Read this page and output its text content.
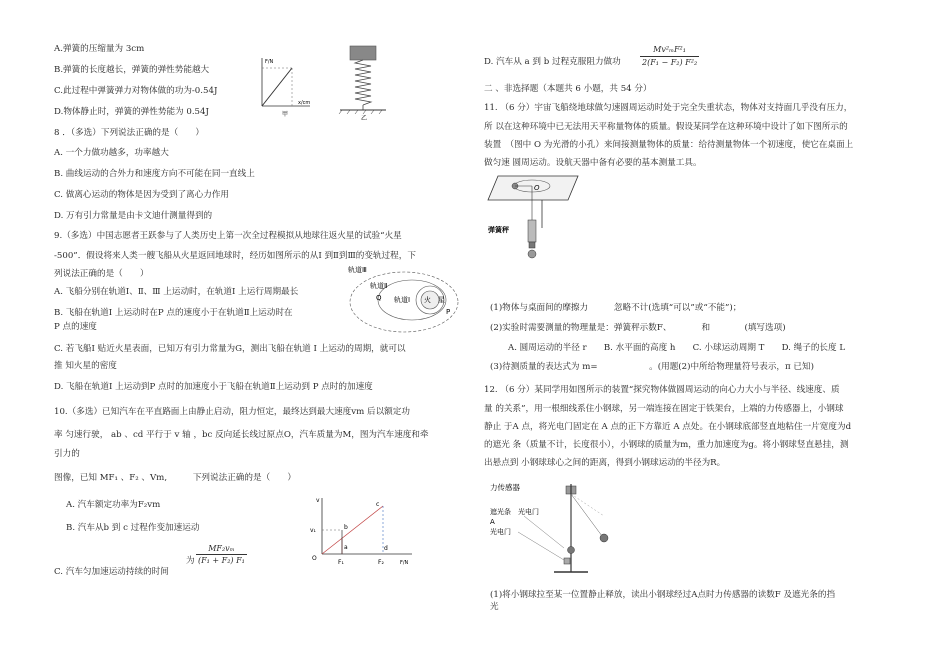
A.弹簧的压缩量为 3cm
B.弹簧的长度越长，弹簧的弹性势能越大
C.此过程中弹簧弹力对物体做的功为-0.54J
D.物体静止时，弹簧的弹性势能为 0.54J
F/N
x/cm
甲
乙
8 ．（多选）下列说法正确的是（　　）
A. 一个力做功越多，功率越大
B. 曲线运动的合外力和速度方向不可能在同一直线上
C. 做离心运动的物体是因为受到了离心力作用
D. 万有引力常量是由卡文迪什测量得到的
9.（多选）中国志愿者王跃参与了人类历史上第一次全过程模拟从地球往返火星的试验“火星
-500”．假设将来人类一艘飞船从火星返回地球时，经历如图所示的从Ⅰ 到Ⅱ到Ⅲ的变轨过程，下
列说法正确的是（　　）
A. 飞船分别在轨道Ⅰ、Ⅱ、Ⅲ 上运动时，在轨道Ⅰ 上运行周期最长
B. 飞船在轨道Ⅰ 上运动时在P 点的速度小于在轨道Ⅱ上运动时在
P 点的速度
C. 若飞船Ⅰ 贴近火星表面，已知万有引力常量为G，测出飞船在轨道 Ⅰ 上运动的周期，就可以
推 知火星的密度
D. 飞船在轨道Ⅰ 上运动到P 点时的加速度小于飞船在轨道Ⅱ上运动到 P 点时的加速度
轨道Ⅲ
轨道Ⅱ
Q 轨道Ⅰ 火　星
P
10.（多选）已知汽车在平直路面上由静止启动，阻力恒定，最终达到最大速度vm 后以额定功
率 匀速行驶， ab 、cd 平行于 v 轴 ，bc 反向延长线过原点O，汽车质量为M，图为汽车速度和牵
引力的
图像，已知 MF₁ 、F₂ 、Vm,　　　下列说法正确的是（　　）
A. 汽车额定功率为F₂vm
B. 汽车从b 到 c 过程作变加速运动
C. 汽车匀加速运动持续的时间
为 $\frac{\text{MF₂vₘ}}{\text{(F₁ + F₂) F₁}}$
v
v₁
a
b
c
d
O
F₁	F₂	F/N
D. 汽车从 a 到 b 过程克服阻力做功 $\frac{\text{Mv²ₘF²₁}}{\text{2(F₁ − F₂) F²₂}}$
二 、非选择题（本题共 6 小题，共 54 分）
11. （6 分）宇宙飞船绕地球做匀速圆周运动时处于完全失重状态，物体对支持面几乎没有压力，
所 以在这种环境中已无法用天平称量物体的质量。假设某同学在这种环境中设计了如下图所示的
装置　（图中 O 为光滑的小孔）来间接测量物体的质量：给待测量物体一个初速度，使它在桌面上
做匀速 圆周运动。设航天器中备有必要的基本测量工具。
O
弹簧秤
(1)物体与桌面间的摩擦力　　　忽略不计(选填“可以”或“不能”)；
(2)实验时需要测量的物理量是：弹簧秤示数F、　　　　和　　　　(填写选项)
A. 圆周运动的半径 r　　B. 水平面的高度 h　　C. 小球运动周期 T　　D. 绳子的长度 L
(3)待测质量的表达式为 m=　　　　　　。(用题(2)中所给物理量符号表示，π 已知)
12. （6 分）某同学用如图所示的装置“探究物体做圆周运动的向心力大小与半径、线速度、质
量 的关系”，用一根细线系住小钢球，另一端连接在固定于铁架台，上端的力传感器上，小钢球
静止 于A 点，将光电门固定在 A 点的正下方靠近 A 点处。在小钢球底部竖直地粘住一片宽度为d
的遮光 条（质量不计，长度很小），小钢球的质量为m，重力加速度为g。将小钢球竖直悬挂，测
出悬点到 小钢球球心之间的距离，得到小钢球运动的半径为R。
力传感器
遮光条 光电门
A
光电门
(1)将小钢球拉至某一位置静止释放，读出小钢球经过A点时力传感器的读数F 及遮光条的挡
光
